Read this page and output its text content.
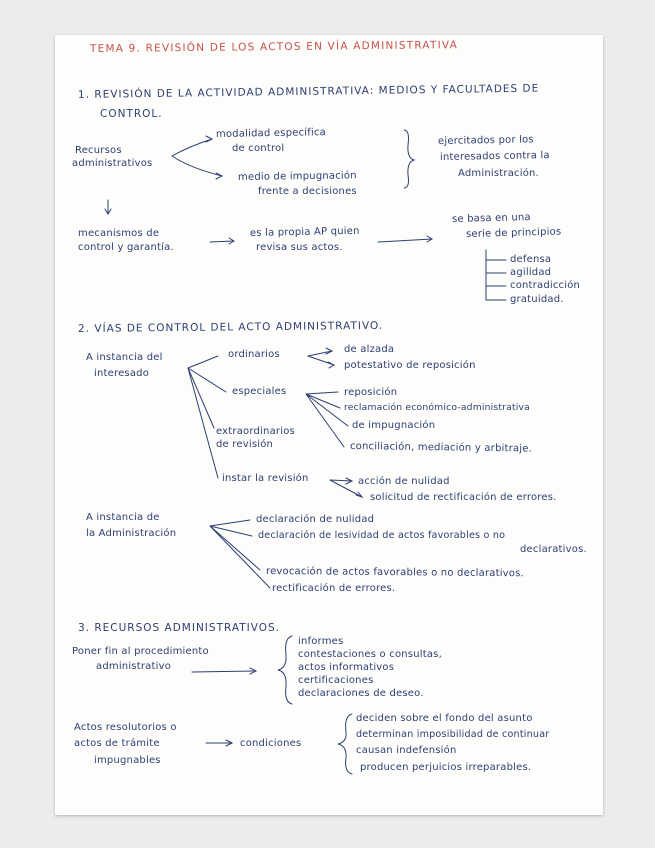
TEMA 9. REVISIÓN DE LOS ACTOS EN VÍA ADMINISTRATIVA
1. REVISIÓN DE LA ACTIVIDAD ADMINISTRATIVA: MEDIOS Y FACULTADES DE
CONTROL.
Recursos
administrativos
modalidad específica
de control
medio de impugnación
frente a decisiones
ejercitados por los
interesados contra la
Administración.
mecanismos de
control y garantía.
es la propia AP quien
revisa sus actos.
se basa en una
serie de principios
defensa
agilidad
contradicción
gratuidad.
2. VÍAS DE CONTROL DEL ACTO ADMINISTRATIVO.
A instancia del
interesado
ordinarios	de alzada
potestativo de reposición
especiales	reposición
reclamación económico-administrativa
de impugnación
conciliación, mediación y arbitraje.
extraordinarios
de revisión
instar la revisión	acción de nulidad
solicitud de rectificación de errores.
A instancia de
la Administración
declaración de nulidad
declaración de lesividad de actos favorables o no
declarativos.
revocación de actos favorables o no declarativos.
rectificación de errores.
3. RECURSOS ADMINISTRATIVOS.
Poner fin al procedimiento
administrativo
informes
contestaciones o consultas,
actos informativos
certificaciones
declaraciones de deseo.
Actos resolutorios o
actos de trámite
impugnables
condiciones
deciden sobre el fondo del asunto
determinan imposibilidad de continuar
causan indefensión
producen perjuicios irreparables.
